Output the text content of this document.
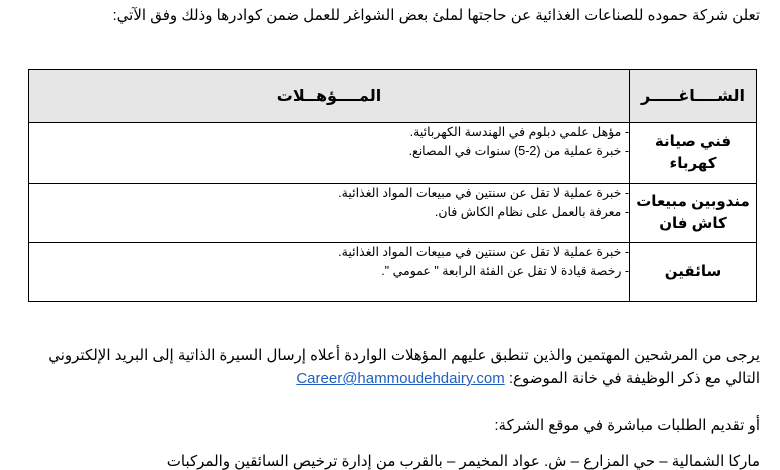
تعلن شركة حموده للصناعات الغذائية عن حاجتها لملئ بعض الشواغر للعمل ضمن كوادرها وذلك وفق الآتي:
الشــــاغـــــر	المــــؤهــلات

فني صيانة
كهرباء	- مؤهل علمي دبلوم في الهندسة الكهربائية.
- خبرة عملية من (2-5) سنوات في المصانع.

مندوبين مبيعات
كاش فان	- خبرة عملية لا تقل عن سنتين في مبيعات المواد الغذائية.
- معرفة بالعمل على نظام الكاش فان.

سائقين	- خبرة عملية لا تقل عن سنتين في مبيعات المواد الغذائية.
- رخصة قيادة لا تقل عن الفئة الرابعة " عمومي ".
يرجى من المرشحين المهتمين والذين تنطبق عليهم المؤهلات الواردة أعلاه إرسال السيرة الذاتية إلى البريد الإلكتروني
التالي مع ذكر الوظيفة في خانة الموضوع: Career@hammoudehdairy.com
أو تقديم الطلبات مباشرة في موقع الشركة:
ماركا الشمالية – حي المزارع – ش. عواد المخيمر – بالقرب من إدارة ترخيص السائقين والمركبات
